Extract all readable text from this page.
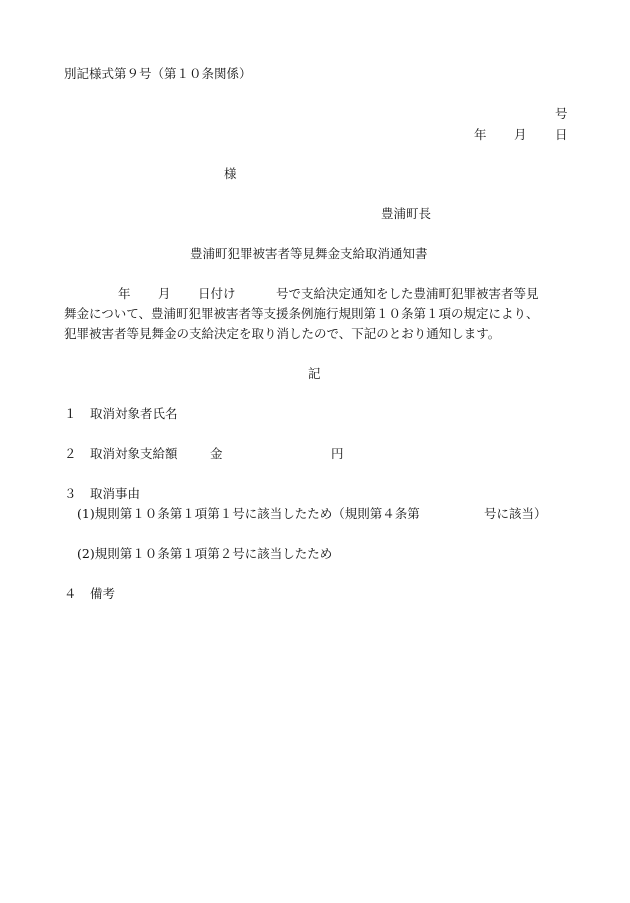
別記様式第９号（第１０条関係）
号
年 月 日
様
豊浦町長
豊浦町犯罪被害者等見舞金支給取消通知書
年 月 日付け	号で支給決定通知をした豊浦町犯罪被害者等見
舞金について、豊浦町犯罪被害者等支援条例施行規則第１０条第１項の規定により、
犯罪被害者等見舞金の支給決定を取り消したので、下記のとおり通知します。
記
１ 取消対象者氏名
２ 取消対象支給額	金	円
３ 取消事由
(1)規則第１０条第１項第１号に該当したため（規則第４条第	号に該当）
(2)規則第１０条第１項第２号に該当したため
４ 備考
